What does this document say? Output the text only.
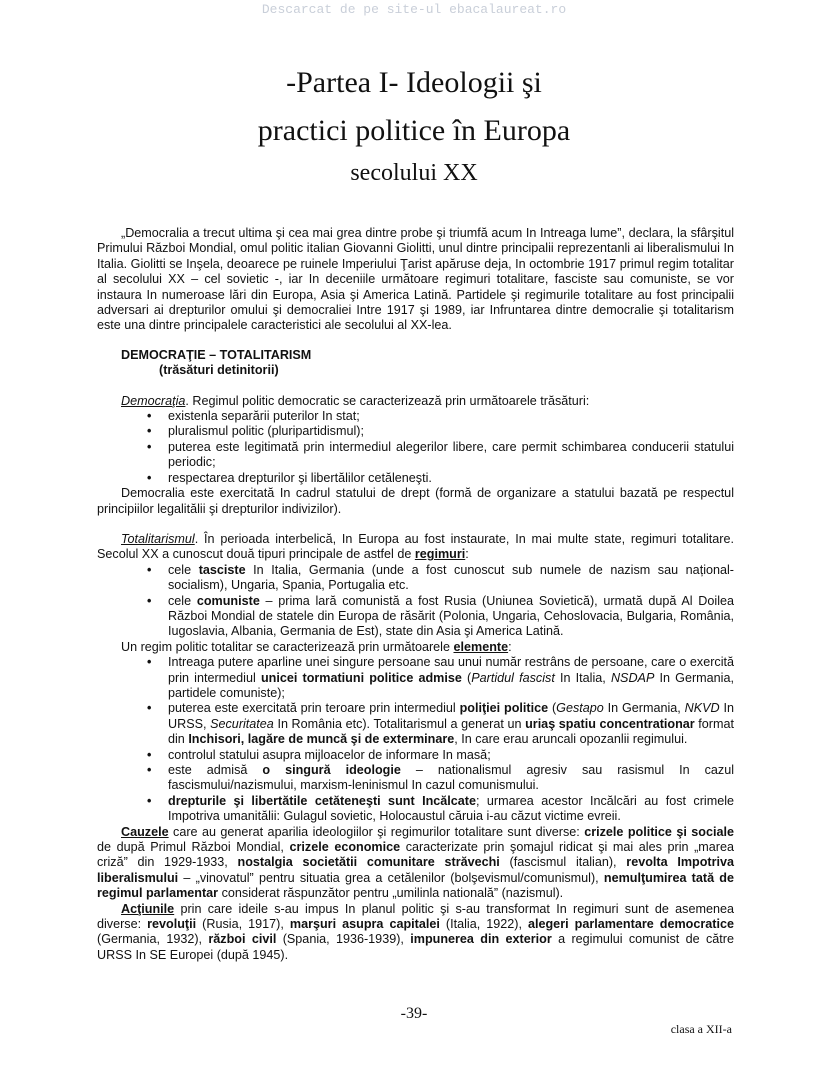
Descarcat de pe site-ul ebacalaureat.ro
-Partea I- Ideologii şi
practici politice în Europa
secolului XX

„Democralia a trecut ultima şi cea mai grea dintre probe şi triumfă acum In Intreaga lume”, declara, la sfârşitul Primului Război Mondial, omul politic italian Giovanni Giolitti, unul dintre principalii reprezentanli ai liberalismului In Italia. Giolitti se Inşela, deoarece pe ruinele Imperiului Ţarist apăruse deja, In octombrie 1917 primul regim totalitar al secolului XX – cel sovietic -, iar In deceniile următoare regimuri totalitare, fasciste sau comuniste, se vor instaura In numeroase lări din Europa, Asia şi America Latină. Partidele şi regimurile totalitare au fost principalii adversari ai drepturilor omului şi democraliei Intre 1917 şi 1989, iar Infruntarea dintre democralie şi totalitarism este una dintre principalele caracteristici ale secolului al XX-lea.

DEMOCRAŢIE – TOTALITARISM
(trăsături detinitorii)

Democraţia. Regimul politic democratic se caracterizează prin următoarele trăsături:

• existenla separării puterilor In stat;
• pluralismul politic (pluripartidismul);
• puterea este legitimată prin intermediul alegerilor libere, care permit schimbarea conducerii statului periodic;
• respectarea drepturilor şi libertălilor cetăleneşti.

Democralia este exercitată In cadrul statului de drept (formă de organizare a statului bazată pe respectul principiilor legalitălii şi drepturilor indivizilor).

Totalitarismul. În perioada interbelică, In Europa au fost instaurate, In mai multe state, regimuri totalitare. Secolul XX a cunoscut două tipuri principale de astfel de regimuri:

• cele tasciste In Italia, Germania (unde a fost cunoscut sub numele de nazism sau național-socialism), Ungaria, Spania, Portugalia etc.
• cele comuniste – prima lară comunistă a fost Rusia (Uniunea Sovietică), urmată după Al Doilea Război Mondial de statele din Europa de răsărit (Polonia, Ungaria, Cehoslovacia, Bulgaria, România, Iugoslavia, Albania, Germania de Est), state din Asia şi America Latină.

Un regim politic totalitar se caracterizează prin următoarele elemente:

• Intreaga putere aparline unei singure persoane sau unui număr restrâns de persoane, care o exercită prin intermediul unicei tormatiuni politice admise (Partidul fascist In Italia, NSDAP In Germania, partidele comuniste);
• puterea este exercitată prin teroare prin intermediul poliţiei politice (Gestapo In Germania, NKVD In URSS, Securitatea In România etc). Totalitarismul a generat un uriaş spatiu concentrationar format din Inchisori, lagăre de muncă şi de exterminare, In care erau aruncali opozanlii regimului.
• controlul statului asupra mijloacelor de informare In masă;
• este admisă o singură ideologie – nationalismul agresiv sau rasismul In cazul fascismului/nazismului, marxism-leninismul In cazul comunismului.
• drepturile şi libertătile cetăteneşti sunt Incălcate; urmarea acestor Incălcări au fost crimele Impotriva umanitălii: Gulagul sovietic, Holocaustul căruia i-au căzut victime evreii.

Cauzele care au generat aparilia ideologiilor şi regimurilor totalitare sunt diverse: crizele politice şi sociale de după Primul Război Mondial, crizele economice caracterizate prin şomajul ridicat şi mai ales prin „marea criză” din 1929-1933, nostalgia societătii comunitare străvechi (fascismul italian), revolta Impotriva liberalismului – „vinovatul” pentru situatia grea a cetălenilor (bolşevismul/comunismul), nemulţumirea tată de regimul parlamentar considerat răspunzător pentru „umilinla natională” (nazismul).

Acţiunile prin care ideile s-au impus In planul politic şi s-au transformat In regimuri sunt de asemenea diverse: revoluţii (Rusia, 1917), marşuri asupra capitalei (Italia, 1922), alegeri parlamentare democratice (Germania, 1932), război civil (Spania, 1936-1939), impunerea din exterior a regimului comunist de către URSS In SE Europei (după 1945).

-39-
clasa a XII-a
